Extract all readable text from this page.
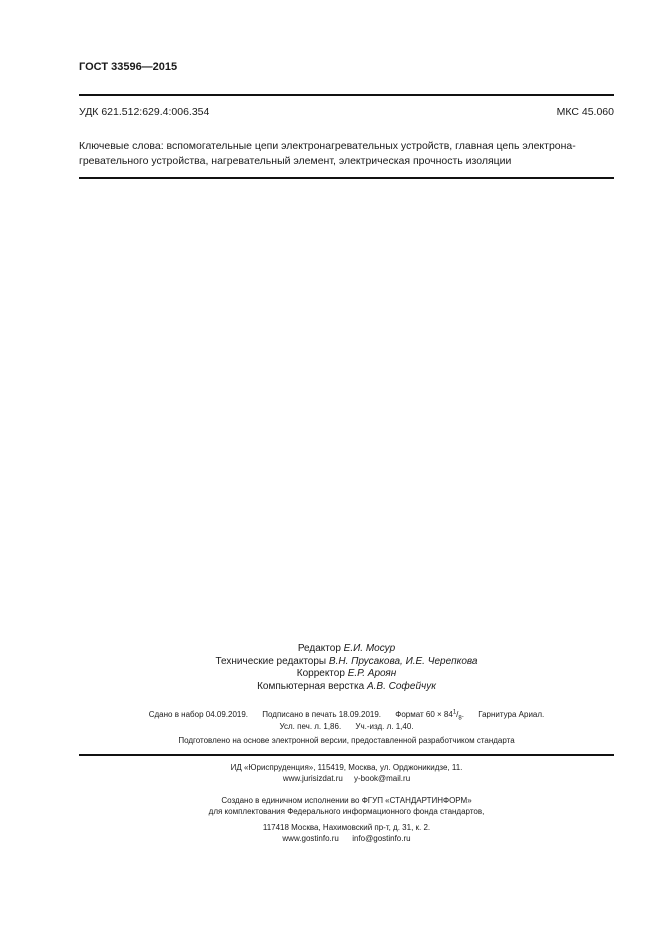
ГОСТ 33596—2015
УДК 621.512:629.4:006.354	МКС 45.060
Ключевые слова: вспомогательные цепи электронагревательных устройств, главная цепь электрона-
гревательного устройства, нагревательный элемент, электрическая прочность изоляции
Редактор Е.И. Мосур
Технические редакторы В.Н. Прусакова, И.Е. Черепкова
Корректор Е.Р. Ароян
Компьютерная верстка А.В. Софейчук
Сдано в набор 04.09.2019. Подписано в печать 18.09.2019. Формат $60 \times 84^1/_8$. Гарнитура Ариал.
Усл. печ. л. 1,86. Уч.-изд. л. 1,40.
Подготовлено на основе электронной версии, предоставленной разработчиком стандарта
ИД «Юриспруденция», 115419, Москва, ул. Орджоникидзе, 11.
www.jurisizdat.ru y-book@mail.ru
Создано в единичном исполнении во ФГУП «СТАНДАРТИНФОРМ»
для комплектования Федерального информационного фонда стандартов,
117418 Москва, Нахимовский пр-т, д. 31, к. 2.
www.gostinfo.ru info@gostinfo.ru
